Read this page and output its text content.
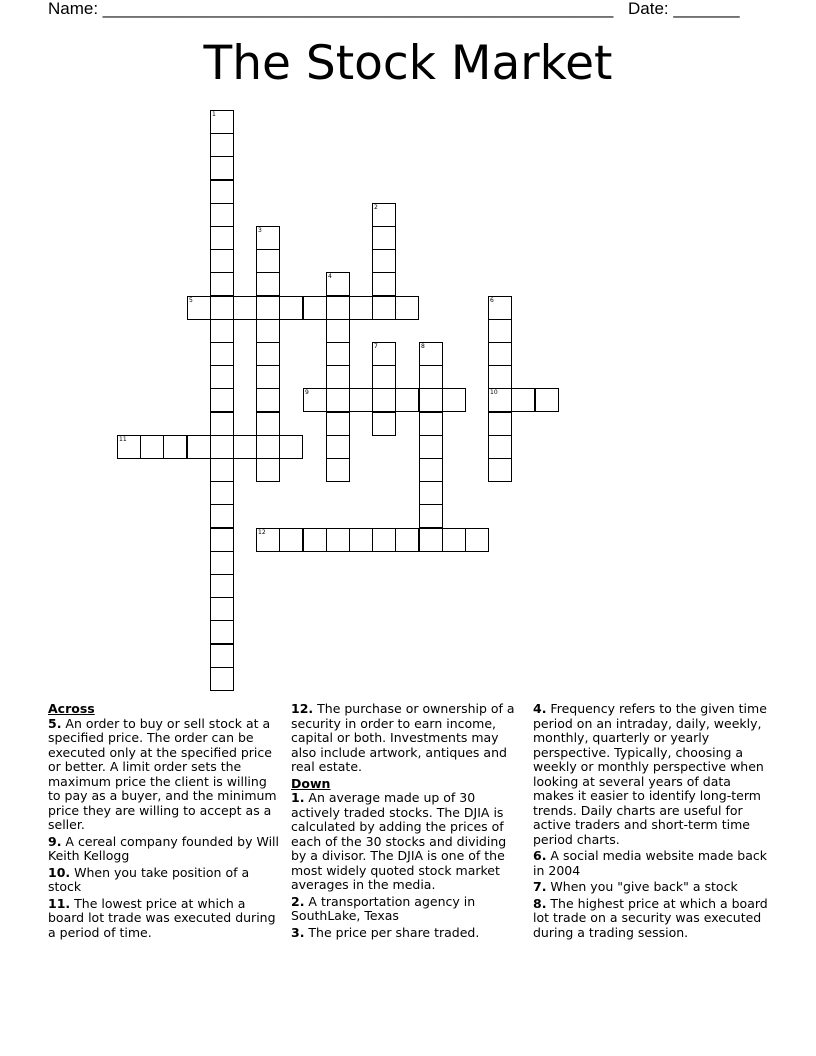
Name: ______________________________________________________ Date: _______
The Stock Market
1
2
3
4
5	6
10
7	8
9
11
12

Across

5. An order to buy or sell stock at a specified price. The order can be executed only at the specified price or better. A limit order sets the maximum price the client is willing to pay as a buyer, and the minimum price they are willing to accept as a seller.

9. A cereal company founded by Will Keith Kellogg

10. When you take position of a stock

11. The lowest price at which a board lot trade was executed during a period of time.

12. The purchase or ownership of a security in order to earn income, capital or both. Investments may also include artwork, antiques and real estate.

Down

1. An average made up of 30 actively traded stocks. The DJIA is calculated by adding the prices of each of the 30 stocks and dividing by a divisor. The DJIA is one of the most widely quoted stock market averages in the media.

2. A transportation agency in SouthLake, Texas

3. The price per share traded.

4. Frequency refers to the given time period on an intraday, daily, weekly, monthly, quarterly or yearly perspective. Typically, choosing a weekly or monthly perspective when looking at several years of data makes it easier to identify long-term trends. Daily charts are useful for active traders and short-term time period charts.

6. A social media website made back in 2004

7. When you "give back" a stock

8. The highest price at which a board lot trade on a security was executed during a trading session.
